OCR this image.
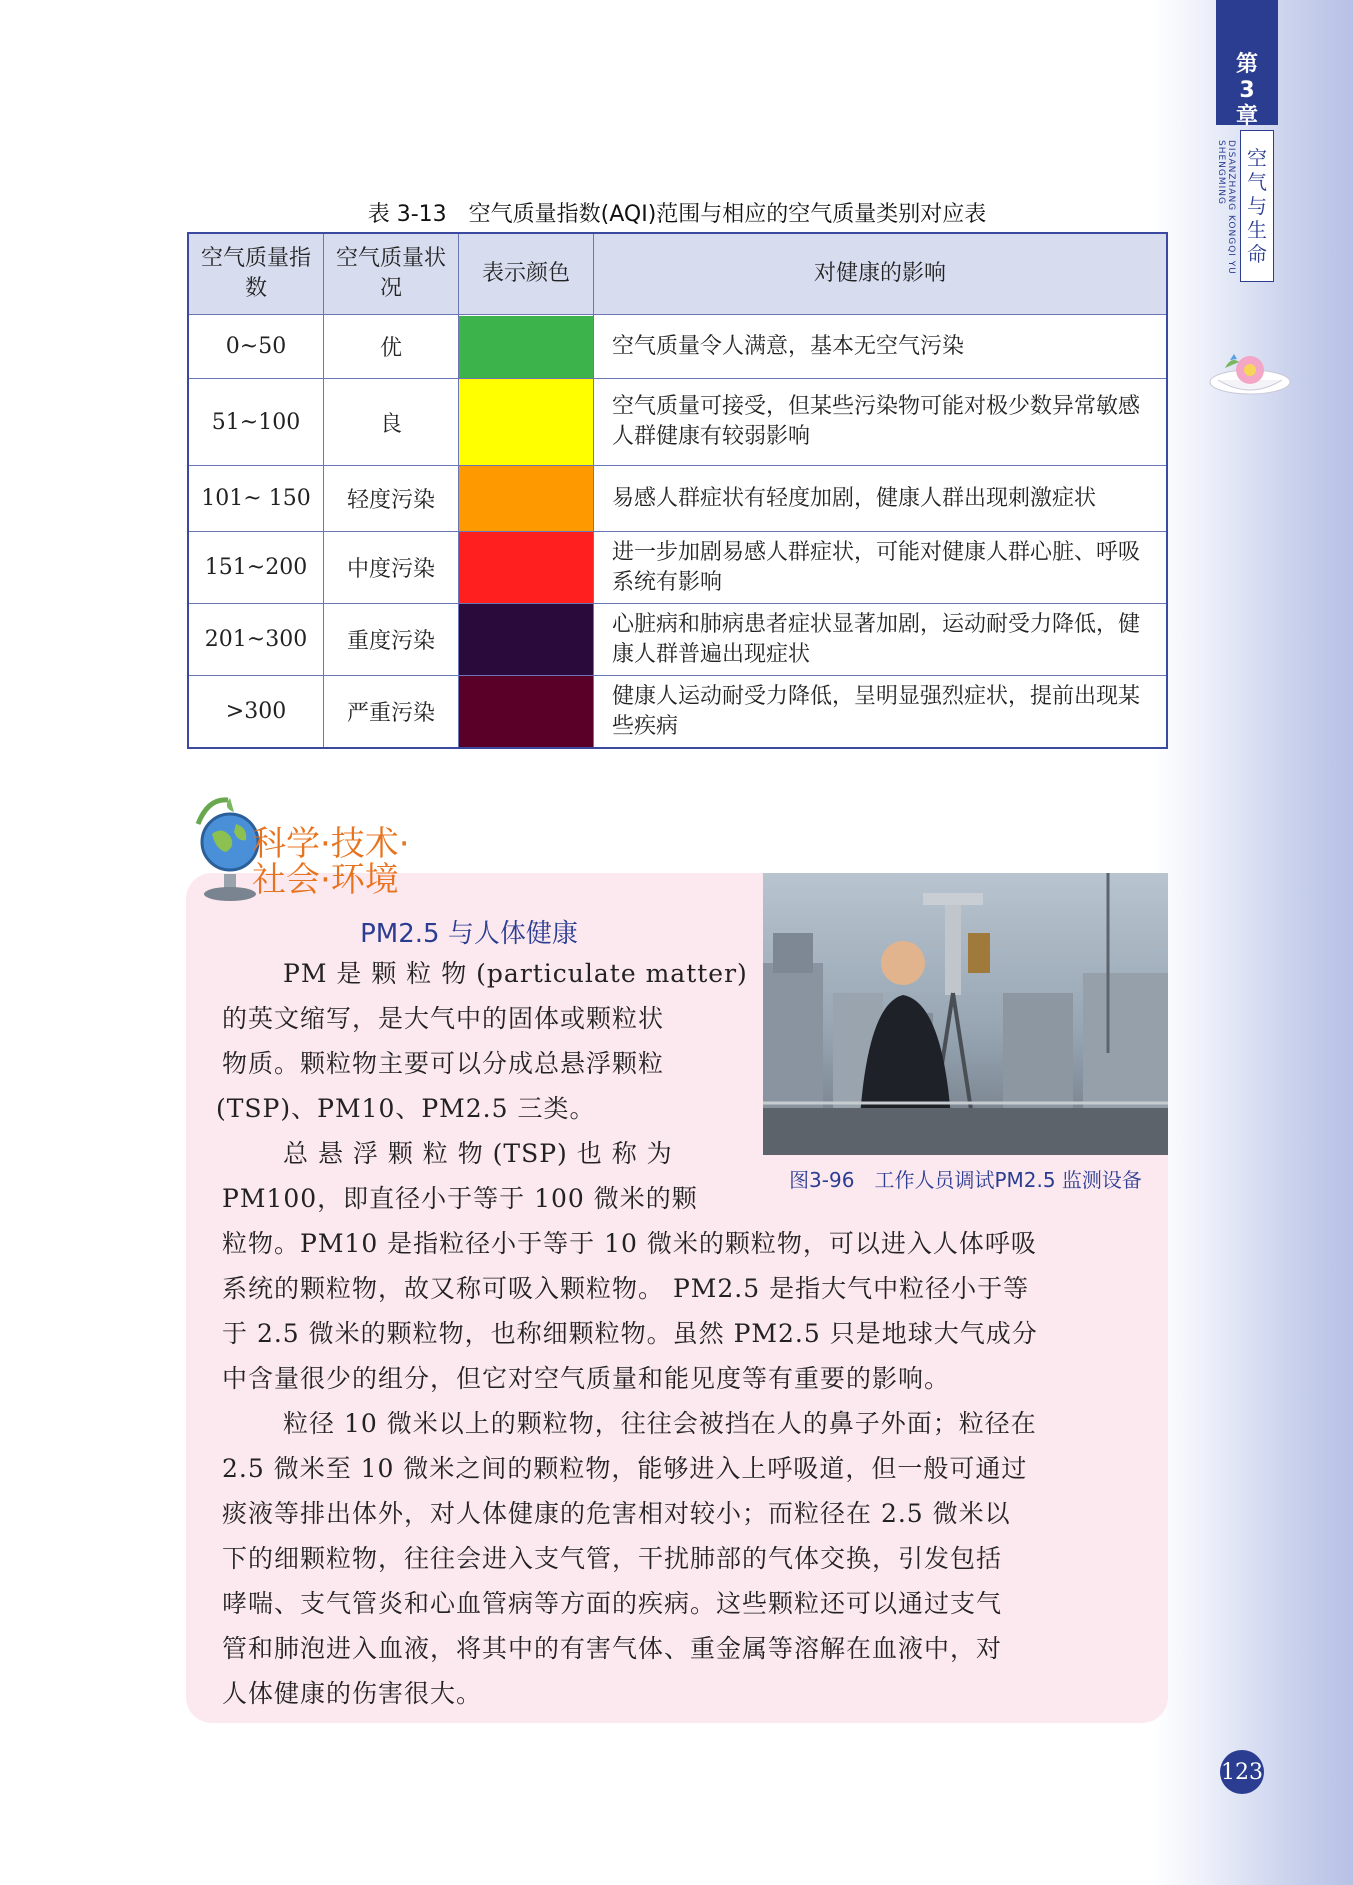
第
3
章
DISANZHANG KONGQI YU SHENGMING	空
气
与
生
命
表 3-13　空气质量指数(AQI)范围与相应的空气质量类别对应表
空气质量指数	空气质量状况	表示颜色	对健康的影响
0~50	优		空气质量令人满意，基本无空气污染
51~100	良		空气质量可接受，但某些污染物可能对极少数异常敏感人群健康有较弱影响
101~ 150	轻度污染		易感人群症状有轻度加剧，健康人群出现刺激症状
151~200	中度污染		进一步加剧易感人群症状，可能对健康人群心脏、呼吸系统有影响
201~300	重度污染		心脏病和肺病患者症状显著加剧，运动耐受力降低，健康人群普遍出现症状
>300	严重污染		健康人运动耐受力降低，呈明显强烈症状，提前出现某些疾病
科学·技术·
社会·环境
PM2.5 与人体健康
图3-96　工作人员调试PM2.5 监测设备

PM 是 颗 粒 物 (particulate matter)

的英文缩写，是大气中的固体或颗粒状

物质。颗粒物主要可以分成总悬浮颗粒

(TSP)、PM10、PM2.5 三类。

总 悬 浮 颗 粒 物 (TSP) 也 称 为

PM100，即直径小于等于 100 微米的颗

粒物。PM10 是指粒径小于等于 10 微米的颗粒物，可以进入人体呼吸

系统的颗粒物，故又称可吸入颗粒物。 PM2.5 是指大气中粒径小于等

于 2.5 微米的颗粒物，也称细颗粒物。虽然 PM2.5 只是地球大气成分

中含量很少的组分，但它对空气质量和能见度等有重要的影响。

粒径 10 微米以上的颗粒物，往往会被挡在人的鼻子外面；粒径在

2.5 微米至 10 微米之间的颗粒物，能够进入上呼吸道，但一般可通过

痰液等排出体外，对人体健康的危害相对较小；而粒径在 2.5 微米以

下的细颗粒物，往往会进入支气管，干扰肺部的气体交换，引发包括

哮喘、支气管炎和心血管病等方面的疾病。这些颗粒还可以通过支气

管和肺泡进入血液，将其中的有害气体、重金属等溶解在血液中，对

人体健康的伤害很大。

123
